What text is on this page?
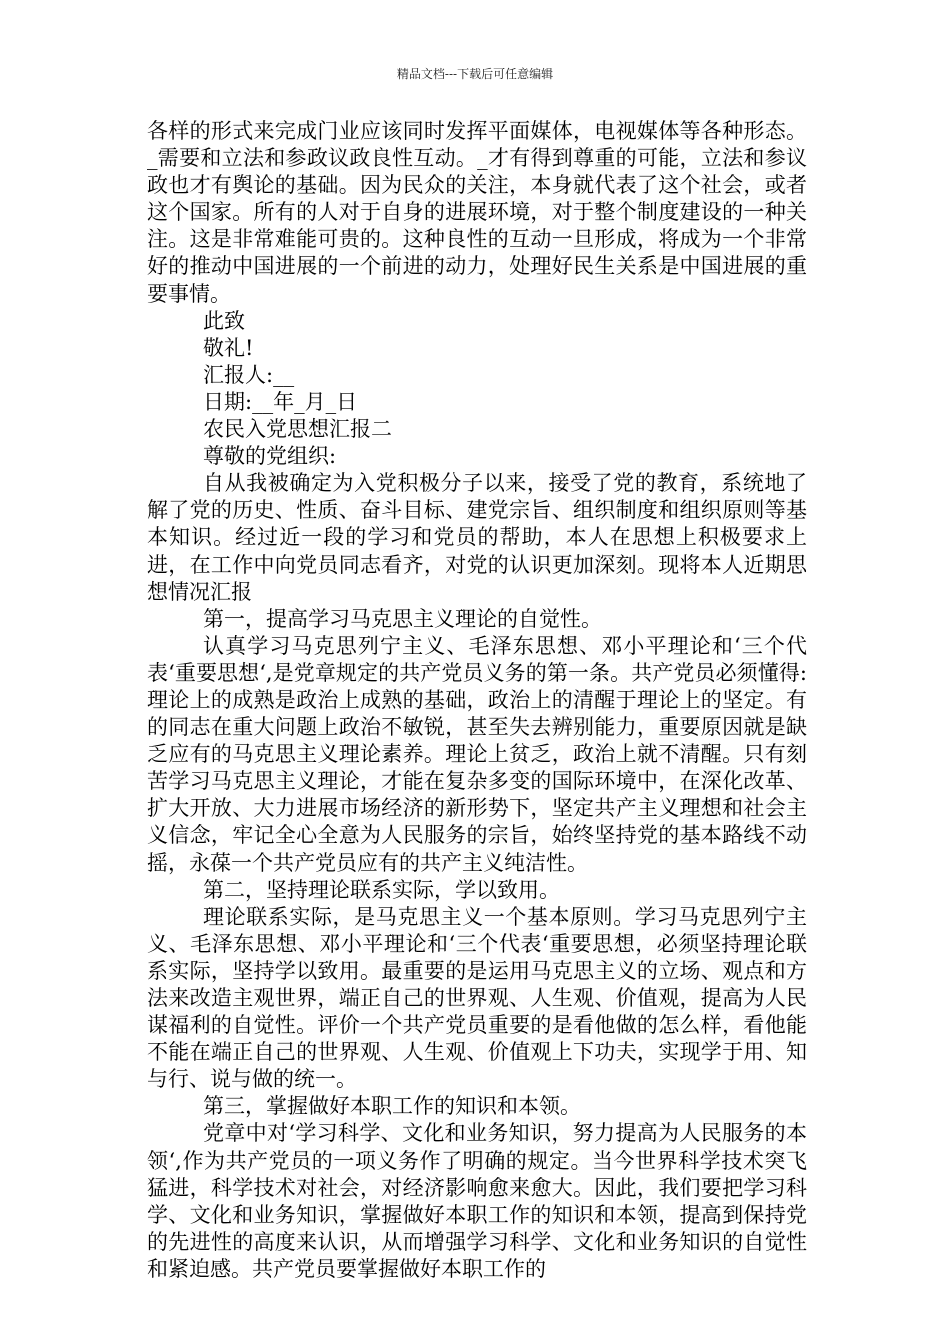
精品文档---下载后可任意编辑

各样的形式来完成门业应该同时发挥平面媒体，电视媒体等各种形态。_需要和立法和参政议政良性互动。_才有得到尊重的可能，立法和参议政也才有舆论的基础。因为民众的关注，本身就代表了这个社会，或者这个国家。所有的人对于自身的进展环境，对于整个制度建设的一种关注。这是非常难能可贵的。这种良性的互动一旦形成，将成为一个非常好的推动中国进展的一个前进的动力，处理好民生关系是中国进展的重要事情。

此致

敬礼!

汇报人:__

日期:__年_月_日

农民入党思想汇报二

尊敬的党组织:

自从我被确定为入党积极分子以来，接受了党的教育，系统地了解了党的历史、性质、奋斗目标、建党宗旨、组织制度和组织原则等基本知识。经过近一段的学习和党员的帮助，本人在思想上积极要求上进，在工作中向党员同志看齐，对党的认识更加深刻。现将本人近期思想情况汇报

第一，提高学习马克思主义理论的自觉性。

认真学习马克思列宁主义、毛泽东思想、邓小平理论和‘三个代表‘重要思想‘,是党章规定的共产党员义务的第一条。共产党员必须懂得:理论上的成熟是政治上成熟的基础，政治上的清醒于理论上的坚定。有的同志在重大问题上政治不敏锐，甚至失去辨别能力，重要原因就是缺乏应有的马克思主义理论素养。理论上贫乏，政治上就不清醒。只有刻苦学习马克思主义理论，才能在复杂多变的国际环境中，在深化改革、扩大开放、大力进展市场经济的新形势下，坚定共产主义理想和社会主义信念，牢记全心全意为人民服务的宗旨，始终坚持党的基本路线不动摇，永葆一个共产党员应有的共产主义纯洁性。

第二，坚持理论联系实际，学以致用。

理论联系实际，是马克思主义一个基本原则。学习马克思列宁主义、毛泽东思想、邓小平理论和‘三个代表‘重要思想，必须坚持理论联系实际，坚持学以致用。最重要的是运用马克思主义的立场、观点和方法来改造主观世界，端正自己的世界观、人生观、价值观，提高为人民谋福利的自觉性。评价一个共产党员重要的是看他做的怎么样，看他能不能在端正自己的世界观、人生观、价值观上下功夫，实现学于用、知与行、说与做的统一。

第三，掌握做好本职工作的知识和本领。

党章中对‘学习科学、文化和业务知识，努力提高为人民服务的本领‘,作为共产党员的一项义务作了明确的规定。当今世界科学技术突飞猛进，科学技术对社会，对经济影响愈来愈大。因此，我们要把学习科学、文化和业务知识，掌握做好本职工作的知识和本领，提高到保持党的先进性的高度来认识，从而增强学习科学、文化和业务知识的自觉性和紧迫感。共产党员要掌握做好本职工作的
